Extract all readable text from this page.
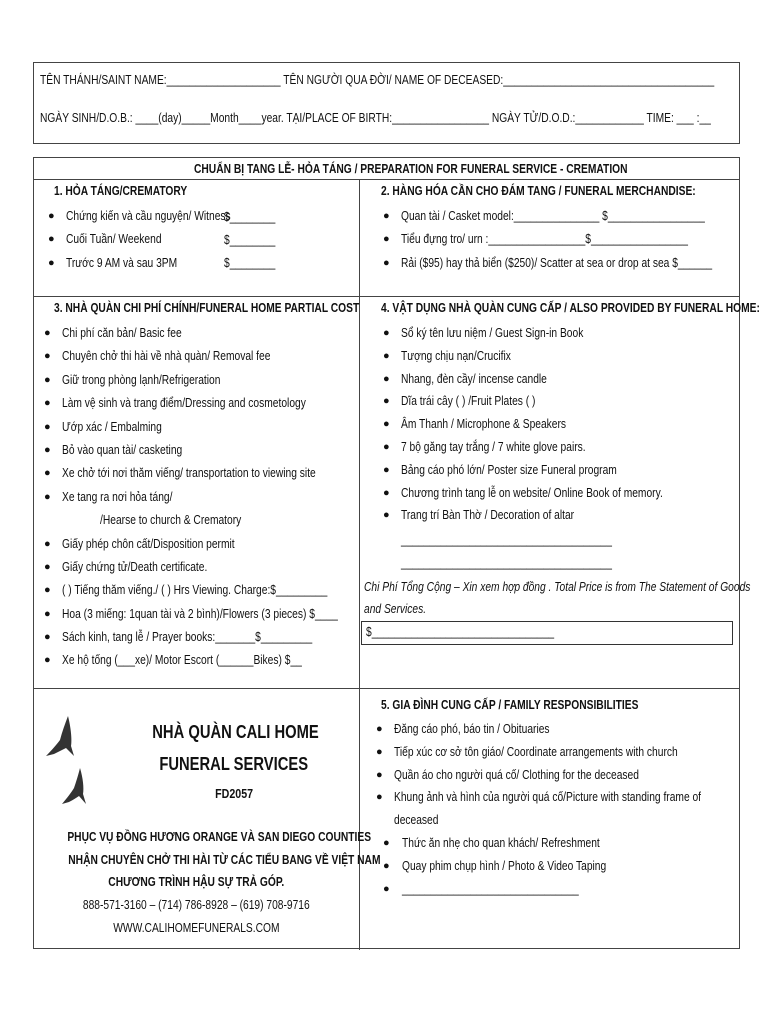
TÊN THÁNH/SAINT NAME:____________________ TÊN NGƯỜI QUA ĐỜI/ NAME OF DECEASED:_____________________________________
NGÀY SINH/D.O.B.: ____(day)_____Month____year. TẠI/PLACE OF BIRTH:_________________ NGÀY TỬ/D.O.D.:____________ TIME: ___ :__
CHUẨN BỊ TANG LỄ- HỎA TÁNG / PREPARATION FOR FUNERAL SERVICE - CREMATION
1. HỎA TÁNG/CREMATORY
● Chứng kiến và cầu nguyện/ Witness
● Cuối Tuần/ Weekend
● Trước 9 AM và sau 3PM
$________
$________
$________
2. HÀNG HÓA CẦN CHO ĐÁM TANG / FUNERAL MERCHANDISE:
● Quan tài / Casket model:_______________ $_________________
● Tiểu đựng tro/ urn :_________________$_________________
● Rải ($95) hay thả biển ($250)/ Scatter at sea or drop at sea $______
3. NHÀ QUÀN CHI PHÍ CHÍNH/FUNERAL HOME PARTIAL COST
● Chi phí căn bản/ Basic fee
● Chuyên chở thi hài về nhà quàn/ Removal fee
● Giữ trong phòng lạnh/Refrigeration
● Làm vệ sinh và trang điểm/Dressing and cosmetology
● Ướp xác / Embalming
● Bỏ vào quan tài/ casketing
● Xe chở tới nơi thăm viếng/ transportation to viewing site
● Xe tang ra nơi hỏa táng/
/Hearse to church & Crematory
● Giấy phép chôn cất/Disposition permit
● Giấy chứng tử/Death certificate.
● ( ) Tiếng thăm viếng./ ( ) Hrs Viewing. Charge:$_________
● Hoa (3 miếng: 1quan tài và 2 bình)/Flowers (3 pieces) $____
● Sách kinh, tang lễ / Prayer books:_______$_________
● Xe hộ tống (___xe)/ Motor Escort (______Bikes) $__
4. VẬT DỤNG NHÀ QUÀN CUNG CẤP / ALSO PROVIDED BY FUNERAL HOME:
● Sổ ký tên lưu niệm / Guest Sign-in Book
● Tượng chịu nạn/Crucifix
● Nhang, đèn cầy/ incense candle
● Dĩa trái cây ( ) /Fruit Plates ( )
● Âm Thanh / Microphone & Speakers
● 7 bộ găng tay trắng / 7 white glove pairs.
● Bảng cáo phó lớn/ Poster size Funeral program
● Chương trình tang lễ on website/ Online Book of memory.
● Trang trí Bàn Thờ / Decoration of altar
_____________________________________
_____________________________________
Chi Phí Tổng Cộng – Xin xem hợp đồng . Total Price is from The Statement of Goods
and Services.
$________________________________
5. GIA ĐÌNH CUNG CẤP / FAMILY RESPONSIBILITIES
● Đăng cáo phó, báo tin / Obituaries
● Tiếp xúc cơ sở tôn giáo/ Coordinate arrangements with church
● Quần áo cho người quá cố/ Clothing for the deceased
● Khung ảnh và hình của người quá cố/Picture with standing frame of
deceased
● Thức ăn nhẹ cho quan khách/ Refreshment
● Quay phim chụp hình / Photo & Video Taping
● _______________________________
NHÀ QUÀN CALI HOME
FUNERAL SERVICES
FD2057
PHỤC VỤ ĐỒNG HƯƠNG ORANGE VÀ SAN DIEGO COUNTIES
NHẬN CHUYÊN CHỞ THI HÀI TỪ CÁC TIỂU BANG VỀ VIỆT NAM
CHƯƠNG TRÌNH HẬU SỰ TRẢ GÓP.
888-571-3160 – (714) 786-8928 – (619) 708-9716
WWW.CALIHOMEFUNERALS.COM
